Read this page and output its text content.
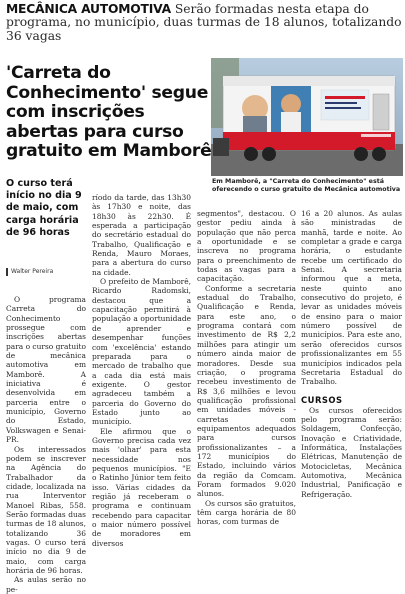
MECÂNICA AUTOMOTIVA Serão formadas nesta etapa do programa, no município, duas turmas de 18 alunos, totalizando 36 vagas
'Carreta do Conhecimento' segue com inscrições abertas para curso gratuito em Mamborê
Em Mamborê, a "Carreta do Conhecimento" está oferecendo o curso gratuito de Mecânica automotiva
O curso terá início no dia 9 de maio, com carga horária de 96 horas
Walter Pereira

O programa Carreta do Conhecimento prossegue com inscrições abertas para o curso gratuito de mecânica automotiva em Mamborê. A iniciativa é desenvolvida em parceria entre o município, Governo do Estado, Volkswagen e Senai-PR.

Os interessados podem se inscrever na Agência do Trabalhador da cidade, localizada na rua Interventor Manoel Ribas, 558. Serão formadas duas turmas de 18 alunos, totalizando 36 vagas. O curso terá início no dia 9 de maio, com carga horária de 96 horas.

As aulas serão no pe-

ríodo da tarde, das 13h30 às 17h30 e noite, das 18h30 às 22h30. É esperada a participação do secretário estadual do Trabalho, Qualificação e Renda, Mauro Moraes, para a abertura do curso na cidade.

O prefeito de Mamborê, Ricardo Radomski, destacou que a capacitação permitirá à população a oportunidade de aprender e desempenhar funções com 'excelência' estando preparada para o mercado de trabalho que a cada dia está mais exigente. O gestor agradeceu também a parceria do Governo do Estado junto ao município.

Ele afirmou que o Governo precisa cada vez mais 'olhar' para esta necessidade nos pequenos municípios. "E o Ratinho Júnior tem feito isso. Várias cidades da região já receberam o programa e continuam recebendo para capacitar o maior número possível de moradores em diversos

segmentos", destacou. O gestor pediu ainda à população que não perca a oportunidade e se inscreva no programa para o preenchimento de todas as vagas para a capacitação.

Conforme a secretaria estadual do Trabalho, Qualificação e Renda, para este ano, o programa contará com investimento de R$ 2,2 milhões para atingir um número ainda maior de moradores. Desde sua criação, o programa recebeu investimento de R$ 3,6 milhões e levou qualificação profissional em unidades móveis - carretas com equipamentos adequados para cursos profissionalizantes – a 172 municípios do Estado, incluindo vários da região da Comcam. Foram formados 9.020 alunos.

Os cursos são gratuitos, têm carga horária de 80 horas, com turmas de

16 a 20 alunos. As aulas são ministradas de manhã, tarde e noite. Ao completar a grade e carga horária, o estudante recebe um certificado do Senai. A secretaria informou que a meta, neste quinto ano consecutivo do projeto, é levar as unidades móveis de ensino para o maior número possível de municípios. Para este ano, serão oferecidos cursos profissionalizantes em 55 municípios indicados pela Secretaria Estadual do Trabalho.

CURSOS

Os cursos oferecidos pelo programa serão: Soldagem, Confecção, Inovação e Criatividade, Informática, Instalações Elétricas, Manutenção de Motocicletas, Mecânica Automotiva, Mecânica Industrial, Panificação e Refrigeração.
